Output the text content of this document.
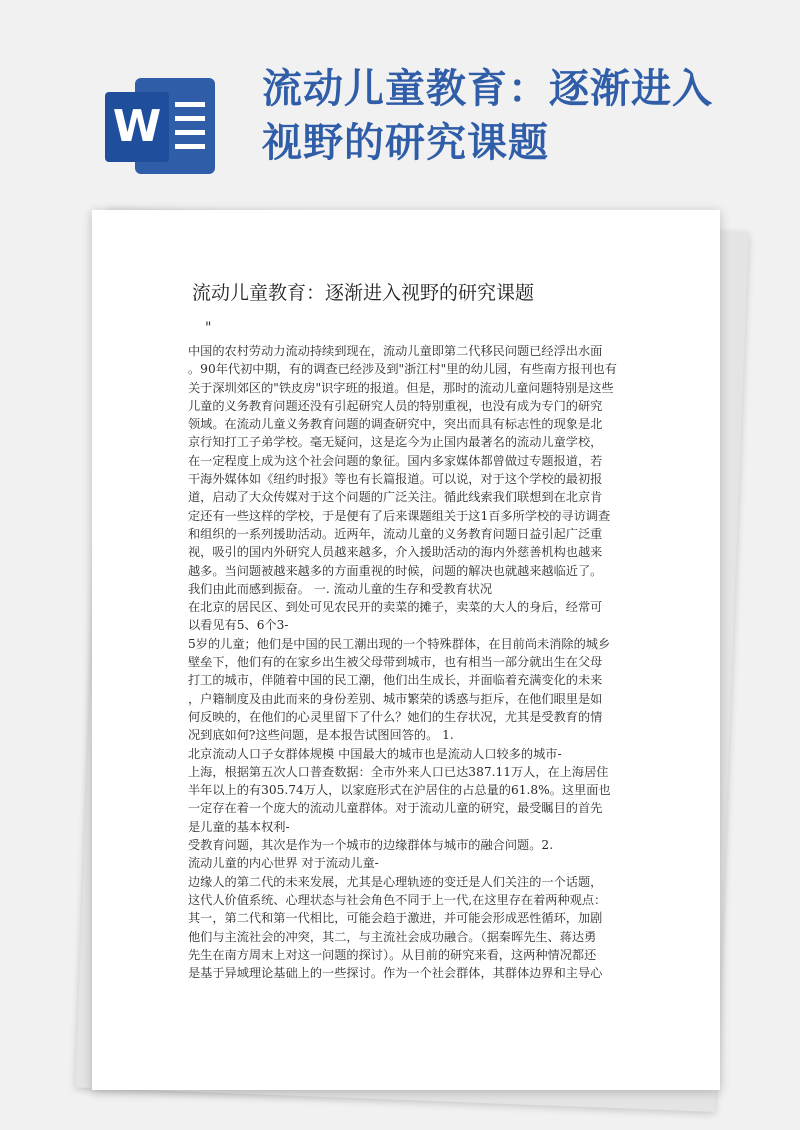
W
流动儿童教育：逐渐进入视野的研究课题
流动儿童教育：逐渐进入视野的研究课题
"
中国的农村劳动力流动持续到现在，流动儿童即第二代移民问题已经浮出水面
。90年代初中期，有的调查已经涉及到"浙江村"里的幼儿园，有些南方报刊也有
关于深圳郊区的"铁皮房"识字班的报道。但是，那时的流动儿童问题特别是这些
儿童的义务教育问题还没有引起研究人员的特别重视，也没有成为专门的研究
领域。在流动儿童义务教育问题的调查研究中，突出而具有标志性的现象是北
京行知打工子弟学校。毫无疑问，这是迄今为止国内最著名的流动儿童学校，
在一定程度上成为这个社会问题的象征。国内多家媒体都曾做过专题报道，若
干海外媒体如《纽约时报》等也有长篇报道。可以说，对于这个学校的最初报
道，启动了大众传媒对于这个问题的广泛关注。循此线索我们联想到在北京肯
定还有一些这样的学校，于是便有了后来课题组关于这1百多所学校的寻访调查
和组织的一系列援助活动。近两年，流动儿童的义务教育问题日益引起广泛重
视，吸引的国内外研究人员越来越多，介入援助活动的海内外慈善机构也越来
越多。当问题被越来越多的方面重视的时候，问题的解决也就越来越临近了。
我们由此而感到振奋。 一. 流动儿童的生存和受教育状况
在北京的居民区、到处可见农民开的卖菜的摊子，卖菜的大人的身后，经常可
以看见有5、6个3-
5岁的儿童；他们是中国的民工潮出现的一个特殊群体，在目前尚未消除的城乡
壁垒下，他们有的在家乡出生被父母带到城市，也有相当一部分就出生在父母
打工的城市，伴随着中国的民工潮，他们出生成长，并面临着充满变化的未来
，户籍制度及由此而来的身份差别、城市繁荣的诱惑与拒斥，在他们眼里是如
何反映的，在他们的心灵里留下了什么？她们的生存状况，尤其是受教育的情
况到底如何?这些问题，是本报告试图回答的。 1.
北京流动人口子女群体规模 中国最大的城市也是流动人口较多的城市-
上海，根据第五次人口普查数据：全市外来人口已达387.11万人，在上海居住
半年以上的有305.74万人，以家庭形式在沪居住的占总量的61.8%。这里面也
一定存在着一个庞大的流动儿童群体。对于流动儿童的研究，最受瞩目的首先
是儿童的基本权利-
受教育问题，其次是作为一个城市的边缘群体与城市的融合问题。2.
流动儿童的内心世界 对于流动儿童-
边缘人的第二代的未来发展，尤其是心理轨迹的变迁是人们关注的一个话题，
这代人价值系统、心理状态与社会角色不同于上一代,在这里存在着两种观点：
其一，第二代和第一代相比，可能会趋于激进，并可能会形成恶性循环，加剧
他们与主流社会的冲突，其二，与主流社会成功融合。（据秦晖先生、蒋达勇
先生在南方周末上对这一问题的探讨）。从目前的研究来看，这两种情况都还
是基于异域理论基础上的一些探讨。作为一个社会群体，其群体边界和主导心
